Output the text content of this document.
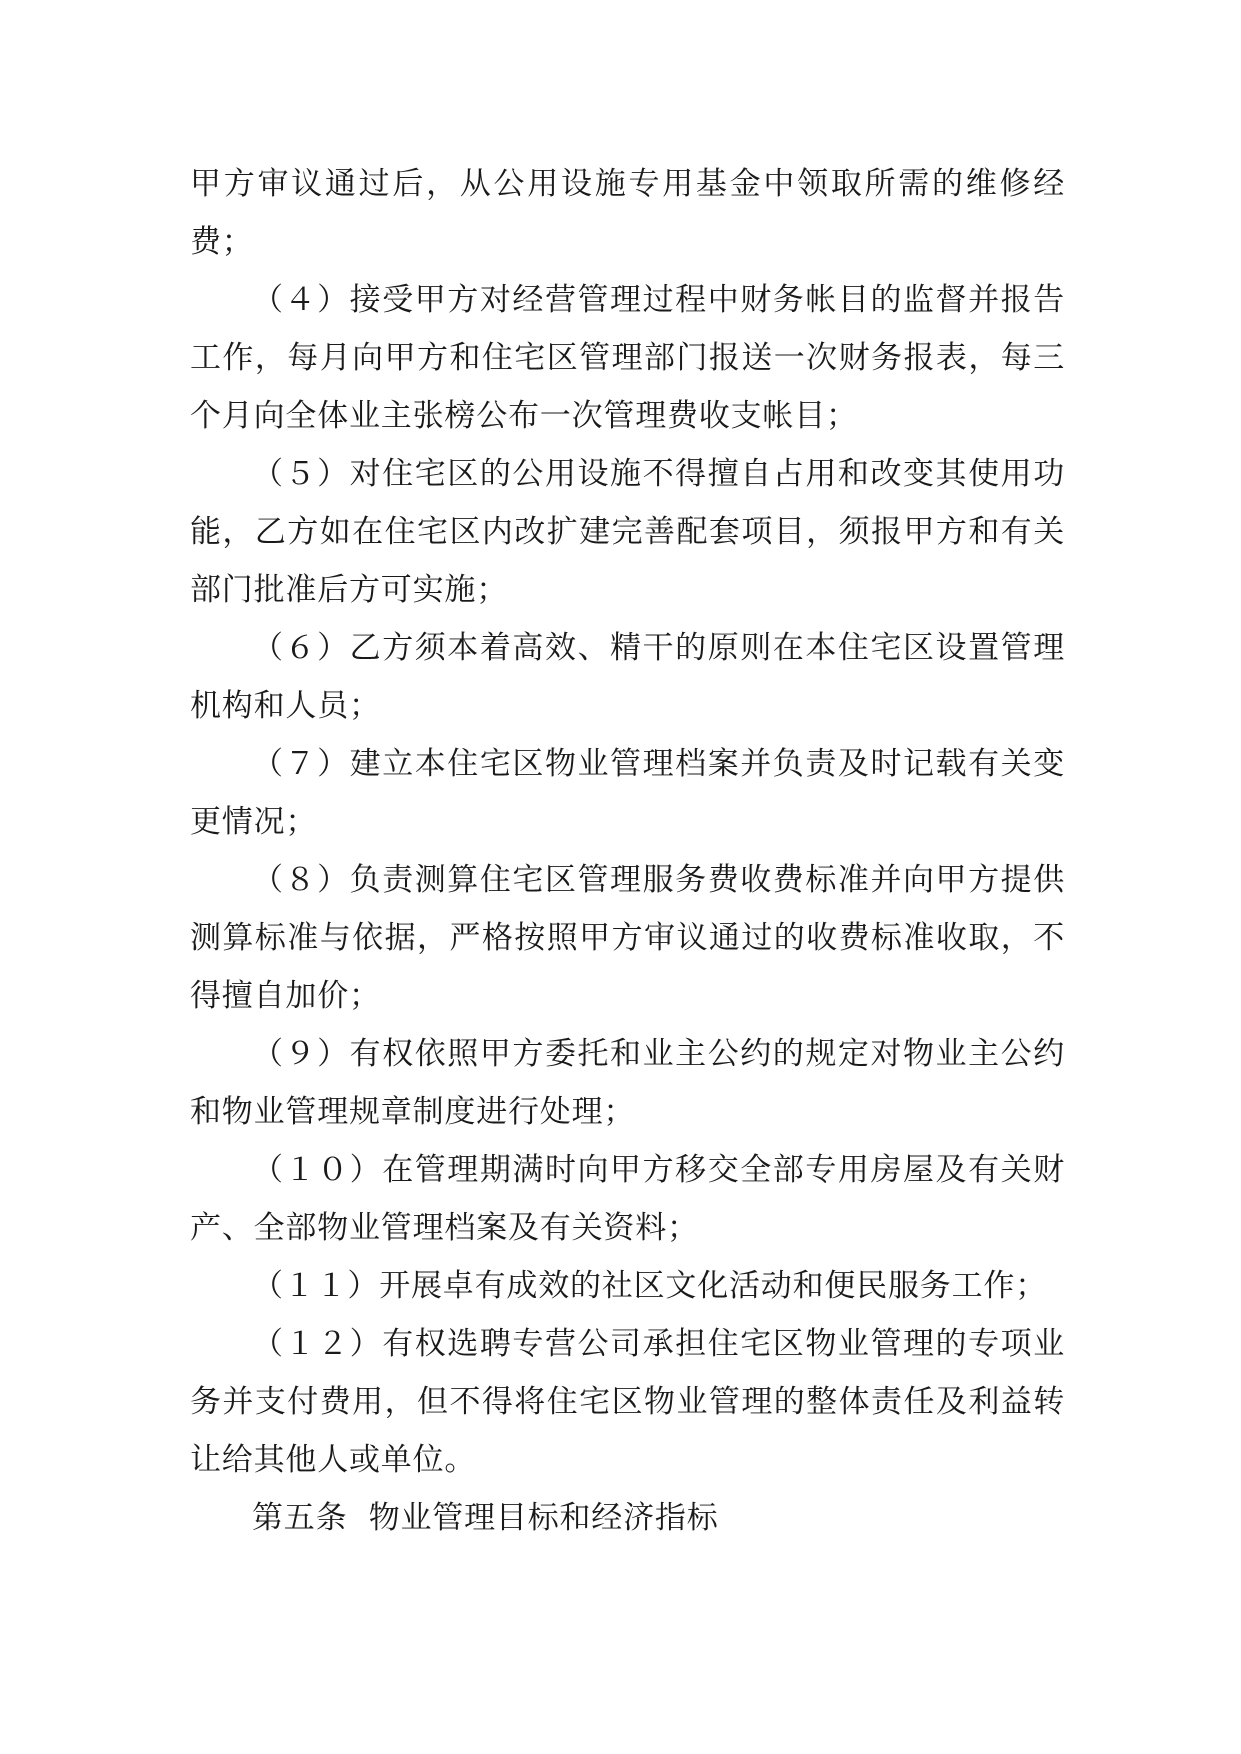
甲方审议通过后，从公用设施专用基金中领取所需的维修经费；

（４）接受甲方对经营管理过程中财务帐目的监督并报告工作，每月向甲方和住宅区管理部门报送一次财务报表，每三个月向全体业主张榜公布一次管理费收支帐目；

（５）对住宅区的公用设施不得擅自占用和改变其使用功能，乙方如在住宅区内改扩建完善配套项目，须报甲方和有关部门批准后方可实施；

（６）乙方须本着高效、精干的原则在本住宅区设置管理机构和人员；

（７）建立本住宅区物业管理档案并负责及时记载有关变更情况；

（８）负责测算住宅区管理服务费收费标准并向甲方提供测算标准与依据，严格按照甲方审议通过的收费标准收取，不得擅自加价；

（９）有权依照甲方委托和业主公约的规定对物业主公约和物业管理规章制度进行处理；

（１０）在管理期满时向甲方移交全部专用房屋及有关财产、全部物业管理档案及有关资料；

（１１）开展卓有成效的社区文化活动和便民服务工作；

（１２）有权选聘专营公司承担住宅区物业管理的专项业务并支付费用，但不得将住宅区物业管理的整体责任及利益转让给其他人或单位。

第五条  物业管理目标和经济指标
